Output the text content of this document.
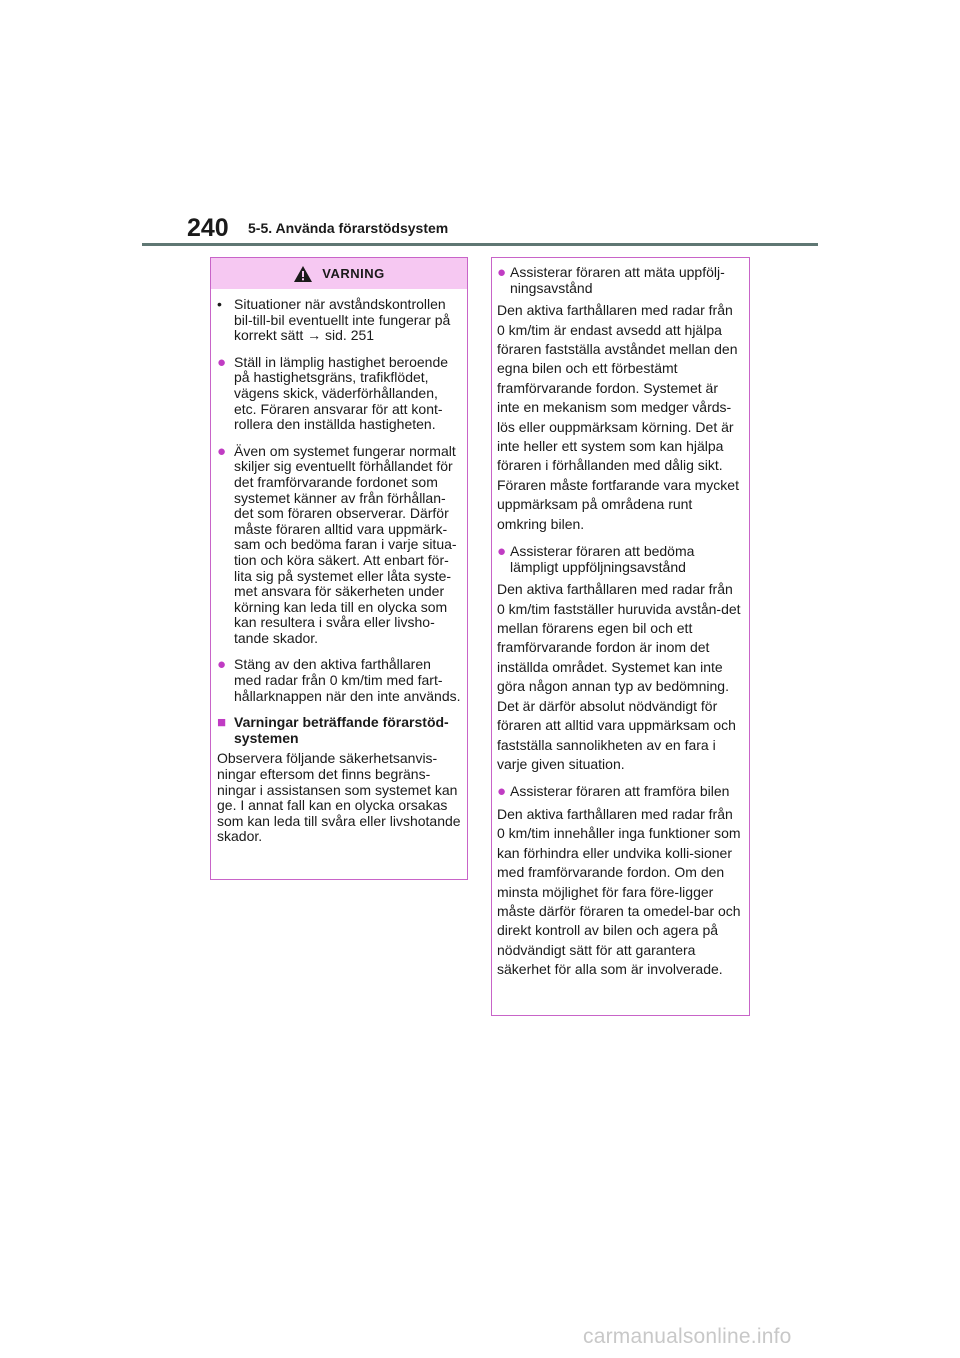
240 5-5. Använda förarstödsystem
VARNING
• Situationer när avståndskontrollen bil-till-bil eventuellt inte fungerar på korrekt sätt → sid. 251
● Ställ in lämplig hastighet beroende på hastighetsgräns, trafikflödet, vägens skick, väderförhållanden, etc. Föraren ansvarar för att kont-rollera den inställda hastigheten.
● Även om systemet fungerar normalt skiljer sig eventuellt förhållandet för det framförvarande fordonet som systemet känner av från förhållan-det som föraren observerar. Därför måste föraren alltid vara uppmärk-sam och bedöma faran i varje situa-tion och köra säkert. Att enbart för-lita sig på systemet eller låta syste-met ansvara för säkerheten under körning kan leda till en olycka som kan resultera i svåra eller livsho-tande skador.
● Stäng av den aktiva farthållaren med radar från 0 km/tim med fart-hållarknappen när den inte används.
■ Varningar beträffande förarstöd-systemen
Observera följande säkerhetsanvis-ningar eftersom det finns begräns-ningar i assistansen som systemet kan ge. I annat fall kan en olycka orsakas som kan leda till svåra eller livshotande skador.
● Assisterar föraren att mäta uppfölj-ningsavstånd
Den aktiva farthållaren med radar från 0 km/tim är endast avsedd att hjälpa föraren fastställa avståndet mellan den egna bilen och ett förbestämt framförvarande fordon. Systemet är inte en mekanism som medger vårds-lös eller ouppmärksam körning. Det är inte heller ett system som kan hjälpa föraren i förhållanden med dålig sikt.
Föraren måste fortfarande vara mycket uppmärksam på områdena runt omkring bilen.
● Assisterar föraren att bedöma lämpligt uppföljningsavstånd
Den aktiva farthållaren med radar från 0 km/tim fastställer huruvida avstån-det mellan förarens egen bil och ett framförvarande fordon är inom det inställda området. Systemet kan inte göra någon annan typ av bedömning. Det är därför absolut nödvändigt för föraren att alltid vara uppmärksam och fastställa sannolikheten av en fara i varje given situation.
● Assisterar föraren att framföra bilen
Den aktiva farthållaren med radar från 0 km/tim innehåller inga funktioner som kan förhindra eller undvika kolli-sioner med framförvarande fordon. Om den minsta möjlighet för fara före-ligger måste därför föraren ta omedel-bar och direkt kontroll av bilen och agera på nödvändigt sätt för att garantera säkerhet för alla som är involverade.
carmanualsonline.info
